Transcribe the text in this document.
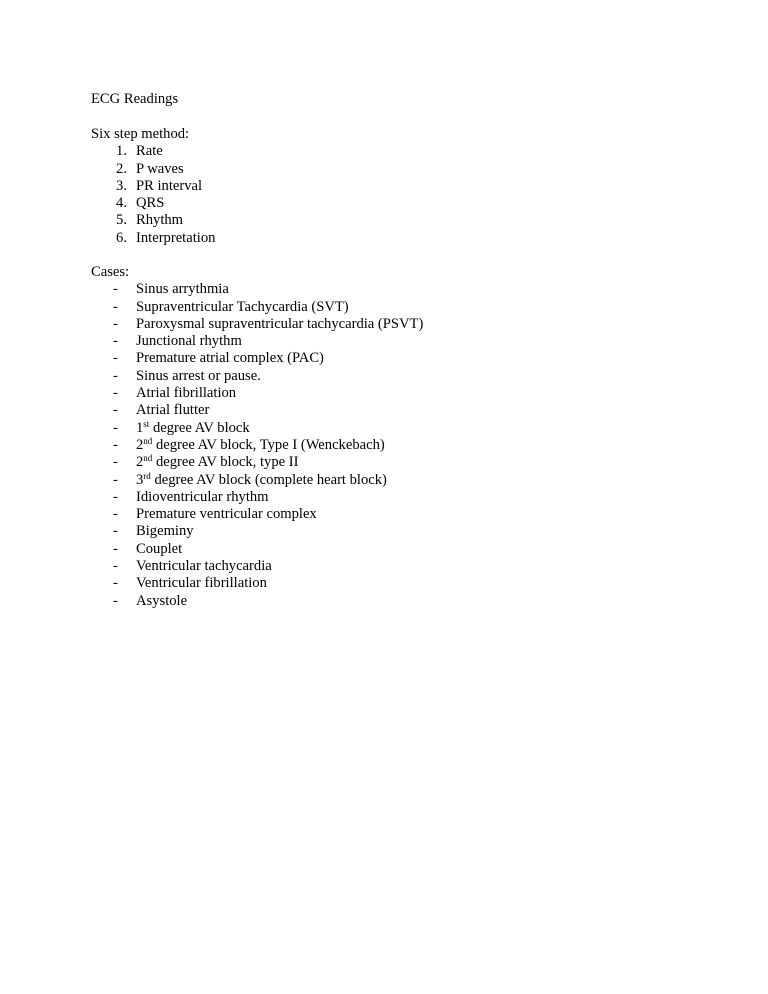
ECG Readings
Six step method:
1. Rate
2. P waves
3. PR interval
4. QRS
5. Rhythm
6. Interpretation
Cases:
- Sinus arrythmia
- Supraventricular Tachycardia (SVT)
- Paroxysmal supraventricular tachycardia (PSVT)
- Junctional rhythm
- Premature atrial complex (PAC)
- Sinus arrest or pause.
- Atrial fibrillation
- Atrial flutter
- 1st degree AV block
- 2nd degree AV block, Type I (Wenckebach)
- 2nd degree AV block, type II
- 3rd degree AV block (complete heart block)
- Idioventricular rhythm
- Premature ventricular complex
- Bigeminy
- Couplet
- Ventricular tachycardia
- Ventricular fibrillation
- Asystole
